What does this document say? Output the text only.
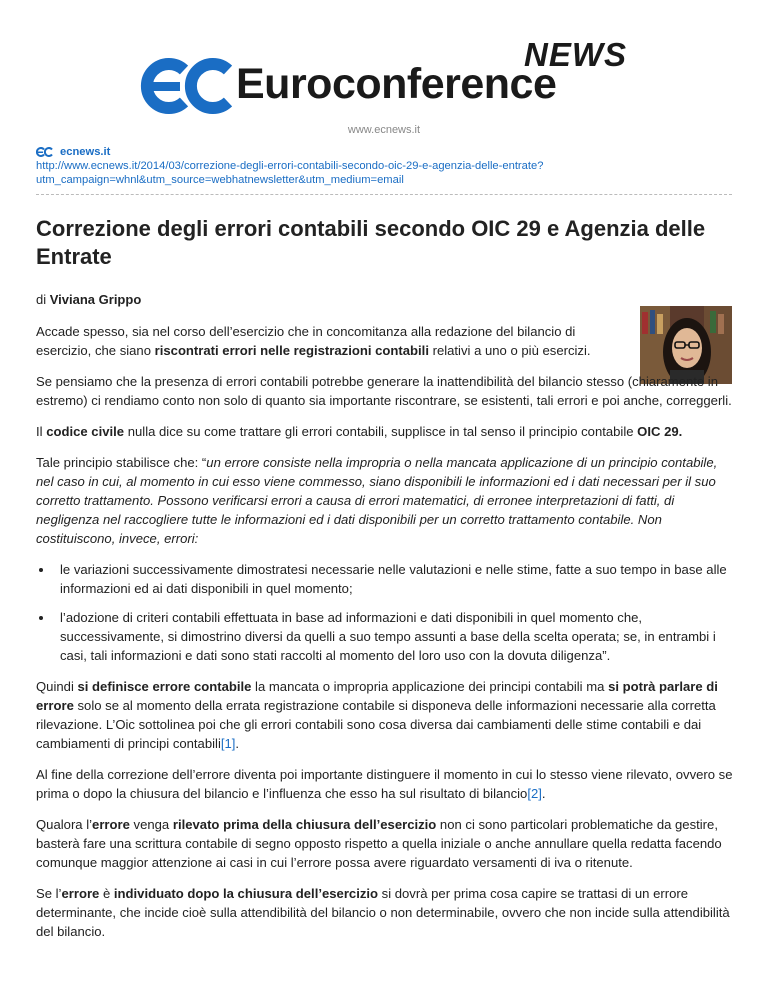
Euroconference
NEWS
www.ecnews.it
ecnews.it
http://www.ecnews.it/2014/03/correzione-degli-errori-contabili-secondo-oic-29-e-agenzia-delle-entrate?
utm_campaign=whnl&utm_source=webhatnewsletter&utm_medium=email
Correzione degli errori contabili secondo OIC 29 e Agenzia delle Entrate
di Viviana Grippo

Accade spesso, sia nel corso dell’esercizio che in concomitanza alla redazione del bilancio di esercizio, che siano riscontrati errori nelle registrazioni contabili relativi a uno o più esercizi.

Se pensiamo che la presenza di errori contabili potrebbe generare la inattendibilità del bilancio stesso (chiaramente in estremo) ci rendiamo conto non solo di quanto sia importante riscontrare, se esistenti, tali errori e poi anche, correggerli.

Il codice civile nulla dice su come trattare gli errori contabili, supplisce in tal senso il principio contabile OIC 29.

Tale principio stabilisce che: “un errore consiste nella impropria o nella mancata applicazione di un principio contabile, nel caso in cui, al momento in cui esso viene commesso, siano disponibili le informazioni ed i dati necessari per il suo corretto trattamento. Possono verificarsi errori a causa di errori matematici, di erronee interpretazioni di fatti, di negligenza nel raccogliere tutte le informazioni ed i dati disponibili per un corretto trattamento contabile. Non costituiscono, invece, errori:

• le variazioni successivamente dimostratesi necessarie nelle valutazioni e nelle stime, fatte a suo tempo in base alle informazioni ed ai dati disponibili in quel momento;
• l’adozione di criteri contabili effettuata in base ad informazioni e dati disponibili in quel momento che, successivamente, si dimostrino diversi da quelli a suo tempo assunti a base della scelta operata; se, in entrambi i casi, tali informazioni e dati sono stati raccolti al momento del loro uso con la dovuta diligenza”.

Quindi si definisce errore contabile la mancata o impropria applicazione dei principi contabili ma si potrà parlare di errore solo se al momento della errata registrazione contabile si disponeva delle informazioni necessarie alla corretta rilevazione. L’Oic sottolinea poi che gli errori contabili sono cosa diversa dai cambiamenti delle stime contabili e dai cambiamenti di principi contabili[1].

Al fine della correzione dell’errore diventa poi importante distinguere il momento in cui lo stesso viene rilevato, ovvero se prima o dopo la chiusura del bilancio e l’influenza che esso ha sul risultato di bilancio[2].

Qualora l’errore venga rilevato prima della chiusura dell’esercizio non ci sono particolari problematiche da gestire, basterà fare una scrittura contabile di segno opposto rispetto a quella iniziale o anche annullare quella redatta facendo comunque maggior attenzione ai casi in cui l’errore possa avere riguardato versamenti di iva o ritenute.

Se l’errore è individuato dopo la chiusura dell’esercizio si dovrà per prima cosa capire se trattasi di un errore determinante, che incide cioè sulla attendibilità del bilancio o non determinabile, ovvero che non incide sulla attendibilità del bilancio.
